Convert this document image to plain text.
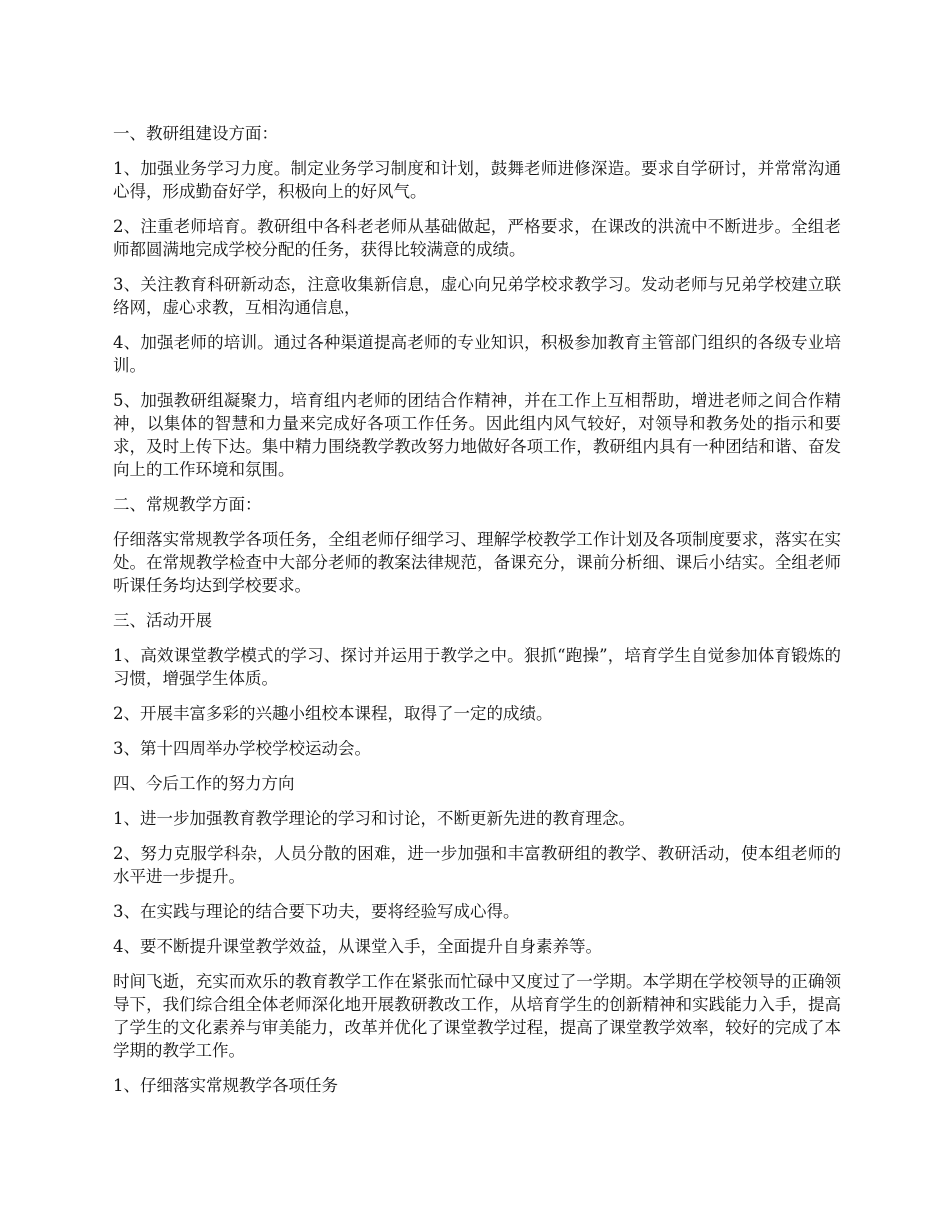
一、教研组建设方面：

1、加强业务学习力度。制定业务学习制度和计划，鼓舞老师进修深造。要求自学研讨，并常常沟通心得，形成勤奋好学，积极向上的好风气。

2、注重老师培育。教研组中各科老老师从基础做起，严格要求，在课改的洪流中不断进步。全组老师都圆满地完成学校分配的任务，获得比较满意的成绩。

3、关注教育科研新动态，注意收集新信息，虚心向兄弟学校求教学习。发动老师与兄弟学校建立联络网，虚心求教，互相沟通信息，

4、加强老师的培训。通过各种渠道提高老师的专业知识，积极参加教育主管部门组织的各级专业培训。

5、加强教研组凝聚力，培育组内老师的团结合作精神，并在工作上互相帮助，增进老师之间合作精神，以集体的智慧和力量来完成好各项工作任务。因此组内风气较好，对领导和教务处的指示和要求，及时上传下达。集中精力围绕教学教改努力地做好各项工作，教研组内具有一种团结和谐、奋发向上的工作环境和氛围。

二、常规教学方面：

仔细落实常规教学各项任务，全组老师仔细学习、理解学校教学工作计划及各项制度要求，落实在实处。在常规教学检查中大部分老师的教案法律规范，备课充分，课前分析细、课后小结实。全组老师听课任务均达到学校要求。

三、活动开展

1、高效课堂教学模式的学习、探讨并运用于教学之中。狠抓“跑操”，培育学生自觉参加体育锻炼的习惯，增强学生体质。

2、开展丰富多彩的兴趣小组校本课程，取得了一定的成绩。

3、第十四周举办学校学校运动会。

四、今后工作的努力方向

1、进一步加强教育教学理论的学习和讨论，不断更新先进的教育理念。

2、努力克服学科杂，人员分散的困难，进一步加强和丰富教研组的教学、教研活动，使本组老师的水平进一步提升。

3、在实践与理论的结合要下功夫，要将经验写成心得。

4、要不断提升课堂教学效益，从课堂入手，全面提升自身素养等。

时间飞逝，充实而欢乐的教育教学工作在紧张而忙碌中又度过了一学期。本学期在学校领导的正确领导下，我们综合组全体老师深化地开展教研教改工作，从培育学生的创新精神和实践能力入手，提高了学生的文化素养与审美能力，改革并优化了课堂教学过程，提高了课堂教学效率，较好的完成了本学期的教学工作。

1、仔细落实常规教学各项任务
